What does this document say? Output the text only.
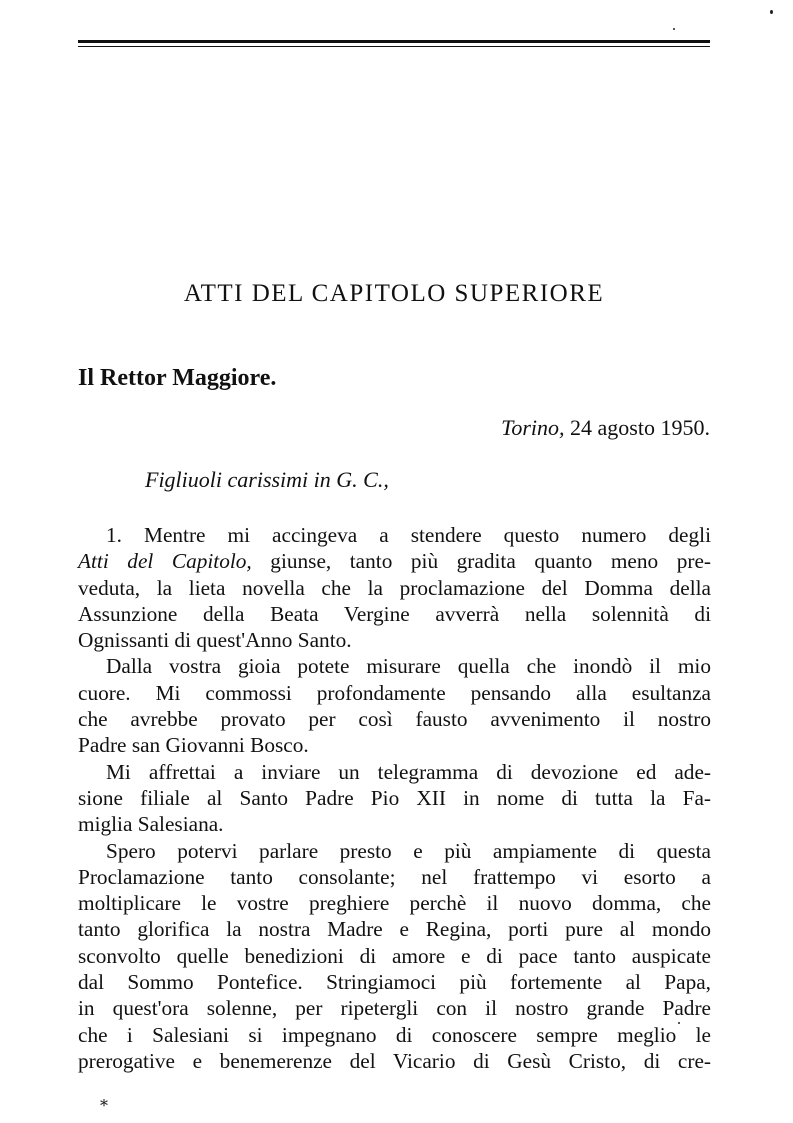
ATTI DEL CAPITOLO SUPERIORE
Il Rettor Maggiore.
Torino, 24 agosto 1950.
Figliuoli carissimi in G. C.,
1. Mentre mi accingeva a stendere questo numero degli
Atti del Capitolo, giunse, tanto più gradita quanto meno pre-
veduta, la lieta novella che la proclamazione del Domma della
Assunzione della Beata Vergine avverrà nella solennità di
Ognissanti di quest'Anno Santo.
Dalla vostra gioia potete misurare quella che inondò il mio
cuore. Mi commossi profondamente pensando alla esultanza
che avrebbe provato per così fausto avvenimento il nostro
Padre san Giovanni Bosco.
Mi affrettai a inviare un telegramma di devozione ed ade-
sione filiale al Santo Padre Pio XII in nome di tutta la Fa-
miglia Salesiana.
Spero potervi parlare presto e più ampiamente di questa
Proclamazione tanto consolante; nel frattempo vi esorto a
moltiplicare le vostre preghiere perchè il nuovo domma, che
tanto glorifica la nostra Madre e Regina, porti pure al mondo
sconvolto quelle benedizioni di amore e di pace tanto auspicate
dal Sommo Pontefice. Stringiamoci più fortemente al Papa,
in quest'ora solenne, per ripetergli con il nostro grande Padre
che i Salesiani si impegnano di conoscere sempre meglio le
prerogative e benemerenze del Vicario di Gesù Cristo, di cre-
*
